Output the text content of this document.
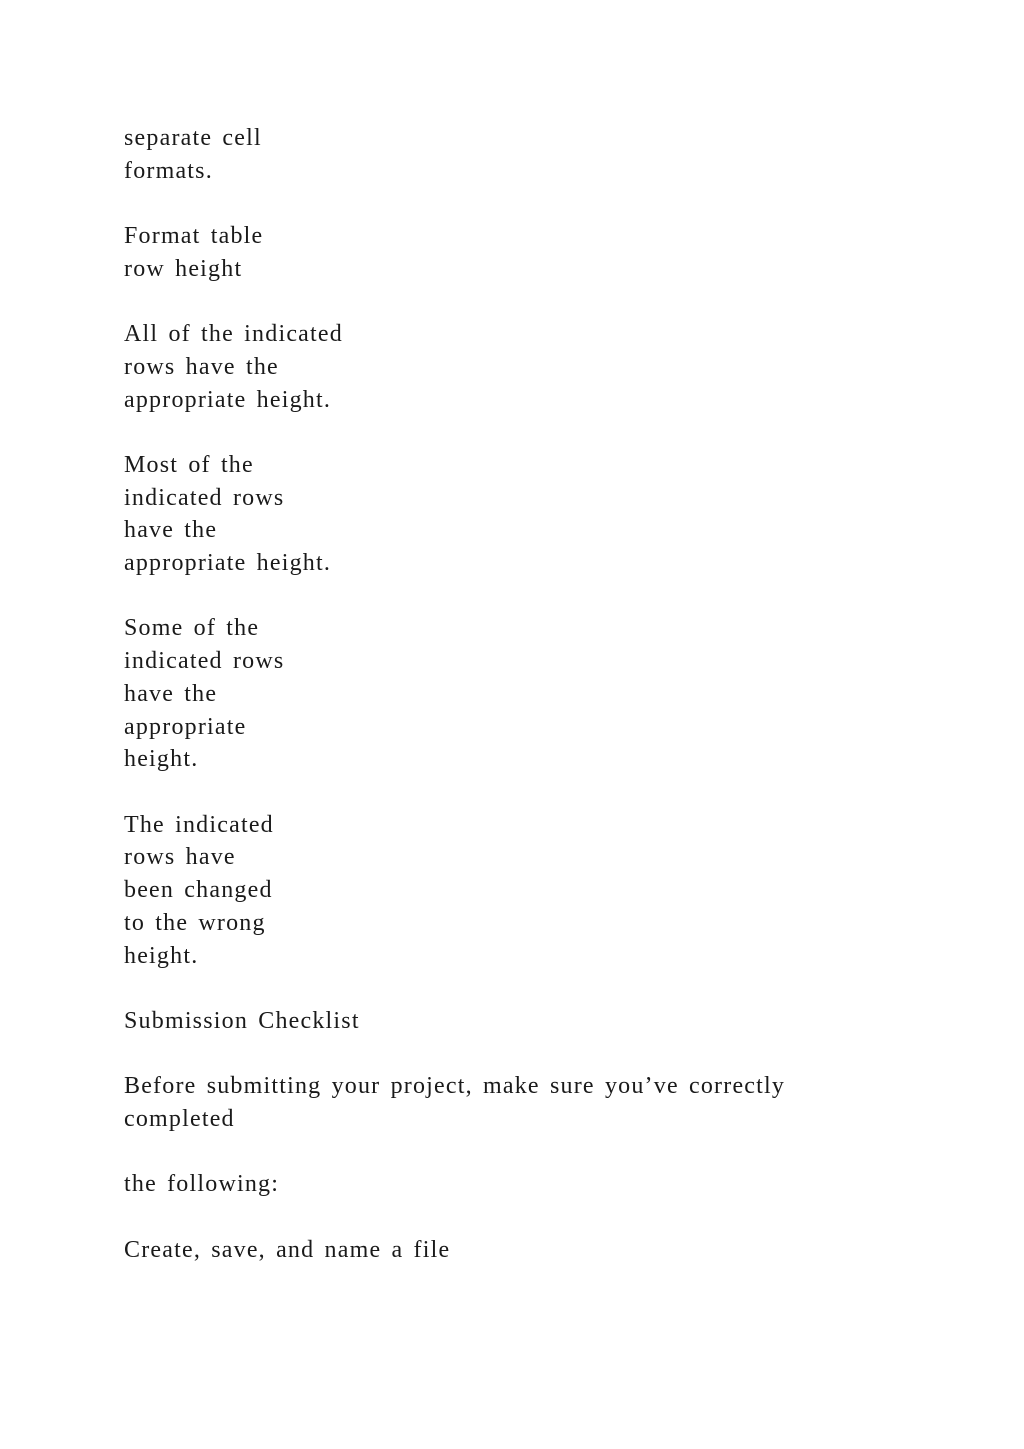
separate cell
formats.
Format table
row height
All of the indicated
rows have the
appropriate height.
Most of the
indicated rows
have the
appropriate height.
Some of the
indicated rows
have the
appropriate
height.
The indicated
rows have
been changed
to the wrong
height.
Submission Checklist
Before submitting your project, make sure you’ve correctly
completed
the following:
Create, save, and name a file
